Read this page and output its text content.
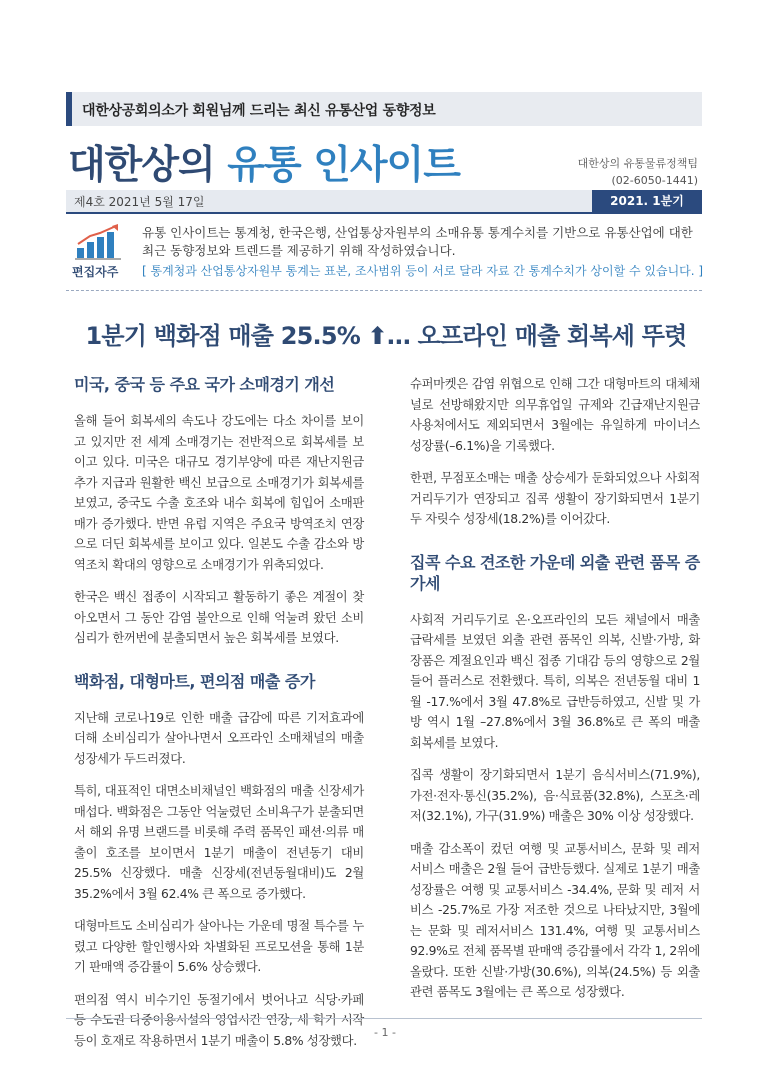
대한상공회의소가 회원님께 드리는 최신 유통산업 동향정보
대한상의 유통 인사이트	대한상의 유통물류정책팀
(02-6050-1441)
제4호 2021년 5월 17일	2021. 1분기
편집자주
유통 인사이트는 통계청, 한국은행, 산업통상자원부의 소매유통 통계수치를 기반으로 유통산업에 대한 최근 동향정보와 트렌드를 제공하기 위해 작성하였습니다.
[ 통계청과 산업통상자원부 통계는 표본, 조사범위 등이 서로 달라 자료 간 통계수치가 상이할 수 있습니다. ]
1분기 백화점 매출 25.5% ⬆… 오프라인 매출 회복세 뚜렷
미국, 중국 등 주요 국가 소매경기 개선

올해 들어 회복세의 속도나 강도에는 다소 차이를 보이고 있지만 전 세계 소매경기는 전반적으로 회복세를 보이고 있다. 미국은 대규모 경기부양에 따른 재난지원금 추가 지급과 원활한 백신 보급으로 소매경기가 회복세를 보였고, 중국도 수출 호조와 내수 회복에 힘입어 소매판매가 증가했다. 반면 유럽 지역은 주요국 방역조치 연장으로 더딘 회복세를 보이고 있다. 일본도 수출 감소와 방역조치 확대의 영향으로 소매경기가 위축되었다.

한국은 백신 접종이 시작되고 활동하기 좋은 계절이 찾아오면서 그 동안 감염 불안으로 인해 억눌려 왔던 소비심리가 한꺼번에 분출되면서 높은 회복세를 보였다.

백화점, 대형마트, 편의점 매출 증가

지난해 코로나19로 인한 매출 급감에 따른 기저효과에 더해 소비심리가 살아나면서 오프라인 소매채널의 매출 성장세가 두드러졌다.

특히, 대표적인 대면소비채널인 백화점의 매출 신장세가 매섭다. 백화점은 그동안 억눌렸던 소비욕구가 분출되면서 해외 유명 브랜드를 비롯해 주력 품목인 패션·의류 매출이 호조를 보이면서 1분기 매출이 전년동기 대비 25.5% 신장했다. 매출 신장세(전년동월대비)도 2월 35.2%에서 3월 62.4% 큰 폭으로 증가했다.

대형마트도 소비심리가 살아나는 가운데 명절 특수를 누렸고 다양한 할인행사와 차별화된 프로모션을 통해 1분기 판매액 증감률이 5.6% 상승했다.

편의점 역시 비수기인 동절기에서 벗어나고 식당·카페 등 수도권 다중이용시설의 영업시간 연장, 새 학기 시작 등이 호재로 작용하면서 1분기 매출이 5.8% 성장했다.

슈퍼마켓은 감염 위협으로 인해 그간 대형마트의 대체채널로 선방해왔지만 의무휴업일 규제와 긴급재난지원금 사용처에서도 제외되면서 3월에는 유일하게 마이너스 성장률(–6.1%)을 기록했다.

한편, 무점포소매는 매출 상승세가 둔화되었으나 사회적 거리두기가 연장되고 집콕 생활이 장기화되면서 1분기 두 자릿수 성장세(18.2%)를 이어갔다.

집콕 수요 견조한 가운데 외출 관련 품목 증가세

사회적 거리두기로 온·오프라인의 모든 채널에서 매출 급락세를 보였던 외출 관련 품목인 의복, 신발·가방, 화장품은 계절요인과 백신 접종 기대감 등의 영향으로 2월 들어 플러스로 전환했다. 특히, 의복은 전년동월 대비 1월 -17.%에서 3월 47.8%로 급반등하였고, 신발 및 가방 역시 1월 –27.8%에서 3월 36.8%로 큰 폭의 매출 회복세를 보였다.

집콕 생활이 장기화되면서 1분기 음식서비스(71.9%), 가전·전자·통신(35.2%), 음·식료품(32.8%), 스포츠·레저(32.1%), 가구(31.9%) 매출은 30% 이상 성장했다.

매출 감소폭이 컸던 여행 및 교통서비스, 문화 및 레저 서비스 매출은 2월 들어 급반등했다. 실제로 1분기 매출 성장률은 여행 및 교통서비스 -34.4%, 문화 및 레저 서비스 -25.7%로 가장 저조한 것으로 나타났지만, 3월에는 문화 및 레저서비스 131.4%, 여행 및 교통서비스 92.9%로 전체 품목별 판매액 증감률에서 각각 1, 2위에 올랐다. 또한 신발·가방(30.6%), 의복(24.5%) 등 외출관련 품목도 3월에는 큰 폭으로 성장했다.

- 1 -
